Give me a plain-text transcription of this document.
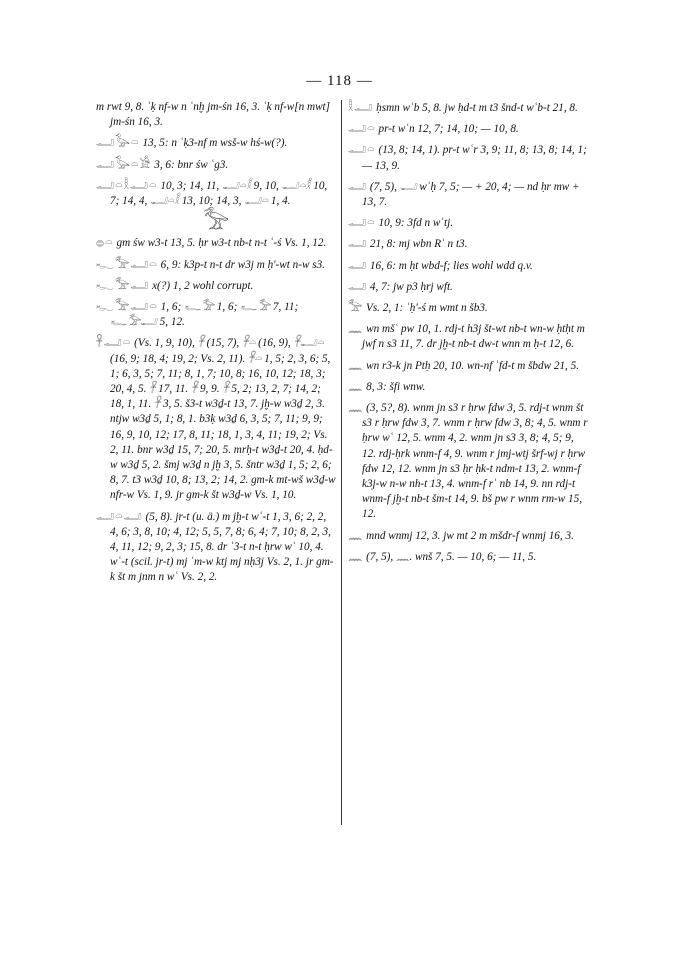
— 118 —
m rwt 9, 8. ʿḳ nf-w n ʿnḫ jm-śn 16, 3. ʿḳ nf-w[n mwt] jm-śn 16, 3.
𓂝𓅭𓏏 13, 5: n ʿḳ3-nf m wsš-w hś-w(?).
𓂝𓅭𓏏𓀀 3, 6: bnr św ʿg3.
𓂝𓏏𓎛𓂝𓏏 10, 3; 14, 11, 𓂝𓏏𓎛 9, 10, 𓂝𓏏𓎛 10, 7; 14, 4, 𓂝𓏏𓎛 13, 10; 14, 3, 𓂝𓏏 1, 4.
𓅡
𓐍𓏏 gm św w3-t 13, 5. ḥr w3-t nb-t n-t ʿ-ś Vs. 1, 12.
𓆑𓅡𓂝𓏏 6, 9: k3p-t n-t dr w3j m ḥ'-wt n-w s3.
𓆑𓅡𓂝 x(?) 1, 2 wohl corrupt.
𓆑𓅡𓂝𓏏 1, 6; 𓆑𓅡 1, 6; 𓆑𓅡 7, 11; 𓆑𓅡𓂝 5, 12.
𓋹𓂝𓏏 (Vs. 1, 9, 10), 𓋹 (15, 7), 𓋹𓏏 (16, 9), 𓋹𓂝𓏏 (16, 9; 18, 4; 19, 2; Vs. 2, 11). 𓋹𓏏 1, 5; 2, 3, 6; 5, 1; 6, 3, 5; 7, 11; 8, 1, 7; 10, 8; 16, 10, 12; 18, 3; 20, 4, 5. 𓋹 17, 11. 𓋹 9, 9. 𓋹 5, 2; 13, 2, 7; 14, 2; 18, 1, 11. 𓋹 3, 5. š3-t w3ḏ-t 13, 7. jḫ-w w3ḏ 2, 3. ntjw w3ḏ 5, 1; 8, 1. b3ḳ w3ḏ 6, 3, 5; 7, 11; 9, 9; 16, 9, 10, 12; 17, 8, 11; 18, 1, 3, 4, 11; 19, 2; Vs. 2, 11. bnr w3ḏ 15, 7; 20, 5. mrḥ-t w3ḏ-t 20, 4. ḥd-w w3ḏ 5, 2. šmj w3ḏ n jḫ 3, 5. šntr w3ḏ 1, 5; 2, 6; 8, 7. t3 w3ḏ 10, 8; 13, 2; 14, 2. gm-k mt-wš w3ḏ-w nfr-w Vs. 1, 9. jr gm-k št w3ḏ-w Vs. 1, 10.
𓂝𓏏𓂝 (5, 8). jr-t (u. ä.) m jḫ-t wʿ-t 1, 3, 6; 2, 2, 4, 6; 3, 8, 10; 4, 12; 5, 5, 7, 8; 6, 4; 7, 10; 8, 2, 3, 4, 11, 12; 9, 2, 3; 15, 8. dr ʿ3-t n-t ḥrw wʿ 10, 4. wʿ-t (scil. jr-t) mj ʿm-w ktj mj nḥ3j Vs. 2, 1. jr gm-k št m jnm n wʿ Vs. 2, 2.
𓎛𓂝 ḥsmn wʿb 5, 8. jw ḥd-t m t3 šnd-t wʿb-t 21, 8.
𓂝𓏏 pr-t wʿn 12, 7; 14, 10; — 10, 8.
𓂝𓏏 (13, 8; 14, 1). pr-t wʿr 3, 9; 11, 8; 13, 8; 14, 1; — 13, 9.
𓂝 (7, 5), 𓂝 wʿḥ 7, 5; — + 20, 4; — nd ḥr mw + 13, 7.
𓂝𓏏 10, 9: 3fd n wʿtj.
𓂝 21, 8: mj wbn Rʿ n t3.
𓂝 16, 6: m ḥt wbd-f; lies wohl wdd q.v.
𓂝 4, 7: jw p3 ḥrj wft.
𓅡 Vs. 2, 1: ʿḥ'-ś m wmt n šb3.
𓈖 wn mšʿ pw 10, 1. rdj-t h3j št-wt nb-t wn-w ḥtḥt m jwf n s3 11, 7. dr jḫ-t nb-t dw-t wnn m ḥ-t 12, 6.
𓈖 wn r3-k jn Ptḥ 20, 10. wn-nf ʿfd-t m šbdw 21, 5.
𓈖 8, 3: šfi wnw.
𓈖 (3, 5?, 8). wnm jn s3 r ḥrw fdw 3, 5. rdj-t wnm št s3 r ḥrw fdw 3, 7. wnm r ḥrw fdw 3, 8; 4, 5. wnm r ḥrw wʿ 12, 5. wnm 4, 2. wnm jn s3 3, 8; 4, 5; 9, 12. rdj-ḥrk wnm-f 4, 9. wnm r jmj-wtj šrf-wj r ḥrw fdw 12, 12. wnm jn s3 ḥr ḥk-t ndm-t 13, 2. wnm-f k3j-w n-w nh-t 13, 4. wnm-f rʿ nb 14, 9. nn rdj-t wnm-f jḫ-t nb-t šm-t 14, 9. bš pw r wnm rm-w 15, 12.
𓈖 mnd wnmj 12, 3. jw mt 2 m mšdr-f wnmj 16, 3.
𓈖 (7, 5), 𓈖. wnš 7, 5. — 10, 6; — 11, 5.
